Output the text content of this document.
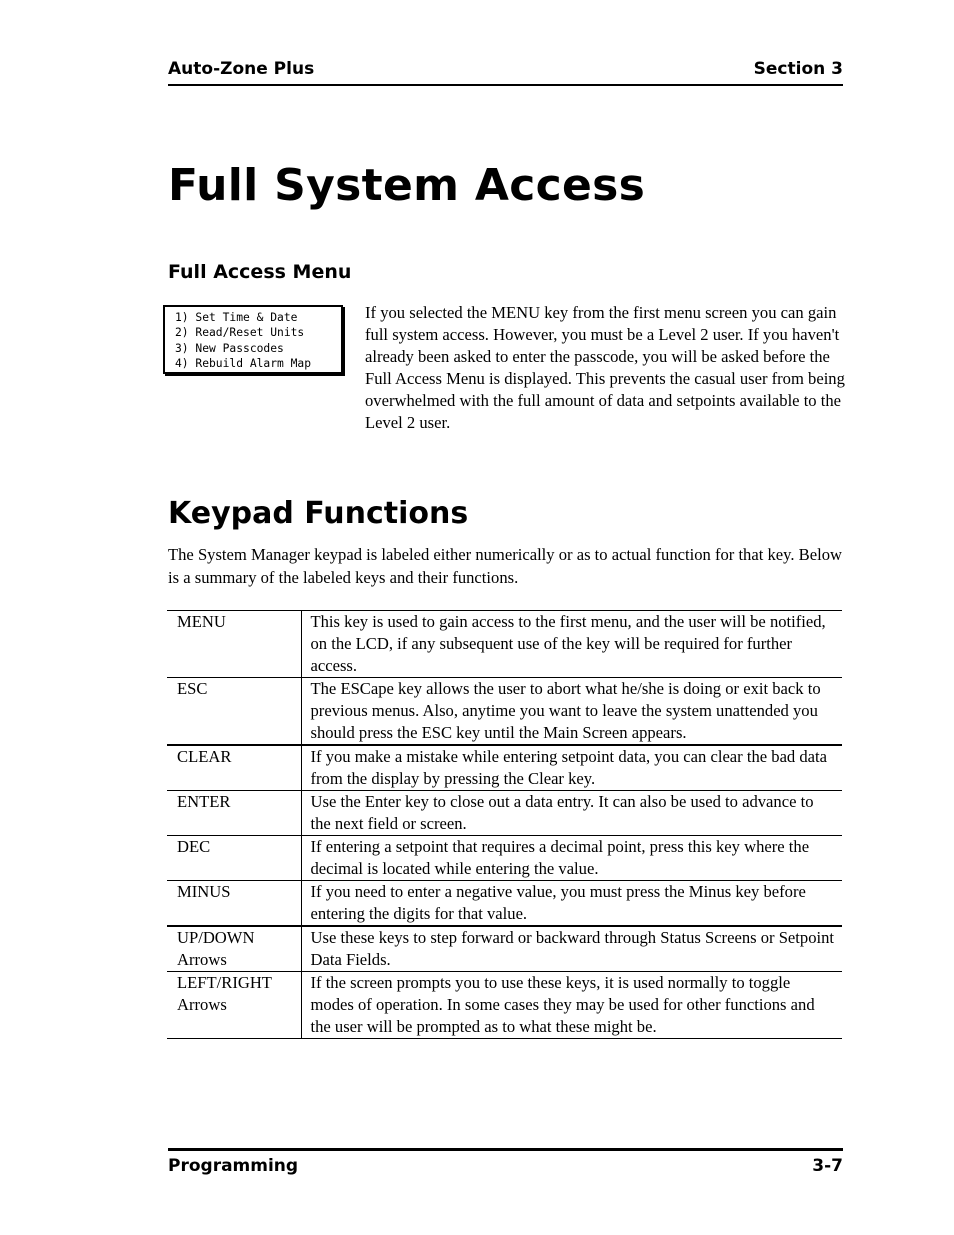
Auto-Zone Plus	Section 3
Full System Access
Full Access Menu
1) Set Time & Date
2) Read/Reset Units
3) New Passcodes
4) Rebuild Alarm Map

If you selected the MENU key from the first menu screen you can gain full system access. However, you must be a Level 2 user. If you haven't already been asked to enter the passcode, you will be asked before the Full Access Menu is displayed. This prevents the casual user from being overwhelmed with the full amount of data and setpoints available to the Level 2 user.

Keypad Functions

The System Manager keypad is labeled either numerically or as to actual function for that key. Below is a summary of the labeled keys and their functions.

MENU	This key is used to gain access to the first menu, and the user will be notified, on the LCD, if any subsequent use of the key will be required for further access.
ESC	The ESCape key allows the user to abort what he/she is doing or exit back to previous menus. Also, anytime you want to leave the system unattended you should press the ESC key until the Main Screen appears.
CLEAR	If you make a mistake while entering setpoint data, you can clear the bad data from the display by pressing the Clear key.
ENTER	Use the Enter key to close out a data entry. It can also be used to advance to the next field or screen.
DEC	If entering a setpoint that requires a decimal point, press this key where the decimal is located while entering the value.
MINUS	If you need to enter a negative value, you must press the Minus key before entering the digits for that value.
UP/DOWN Arrows	Use these keys to step forward or backward through Status Screens or Setpoint Data Fields.
LEFT/RIGHT Arrows	If the screen prompts you to use these keys, it is used normally to toggle modes of operation. In some cases they may be used for other functions and the user will be prompted as to what these might be.
Programming	3-7
